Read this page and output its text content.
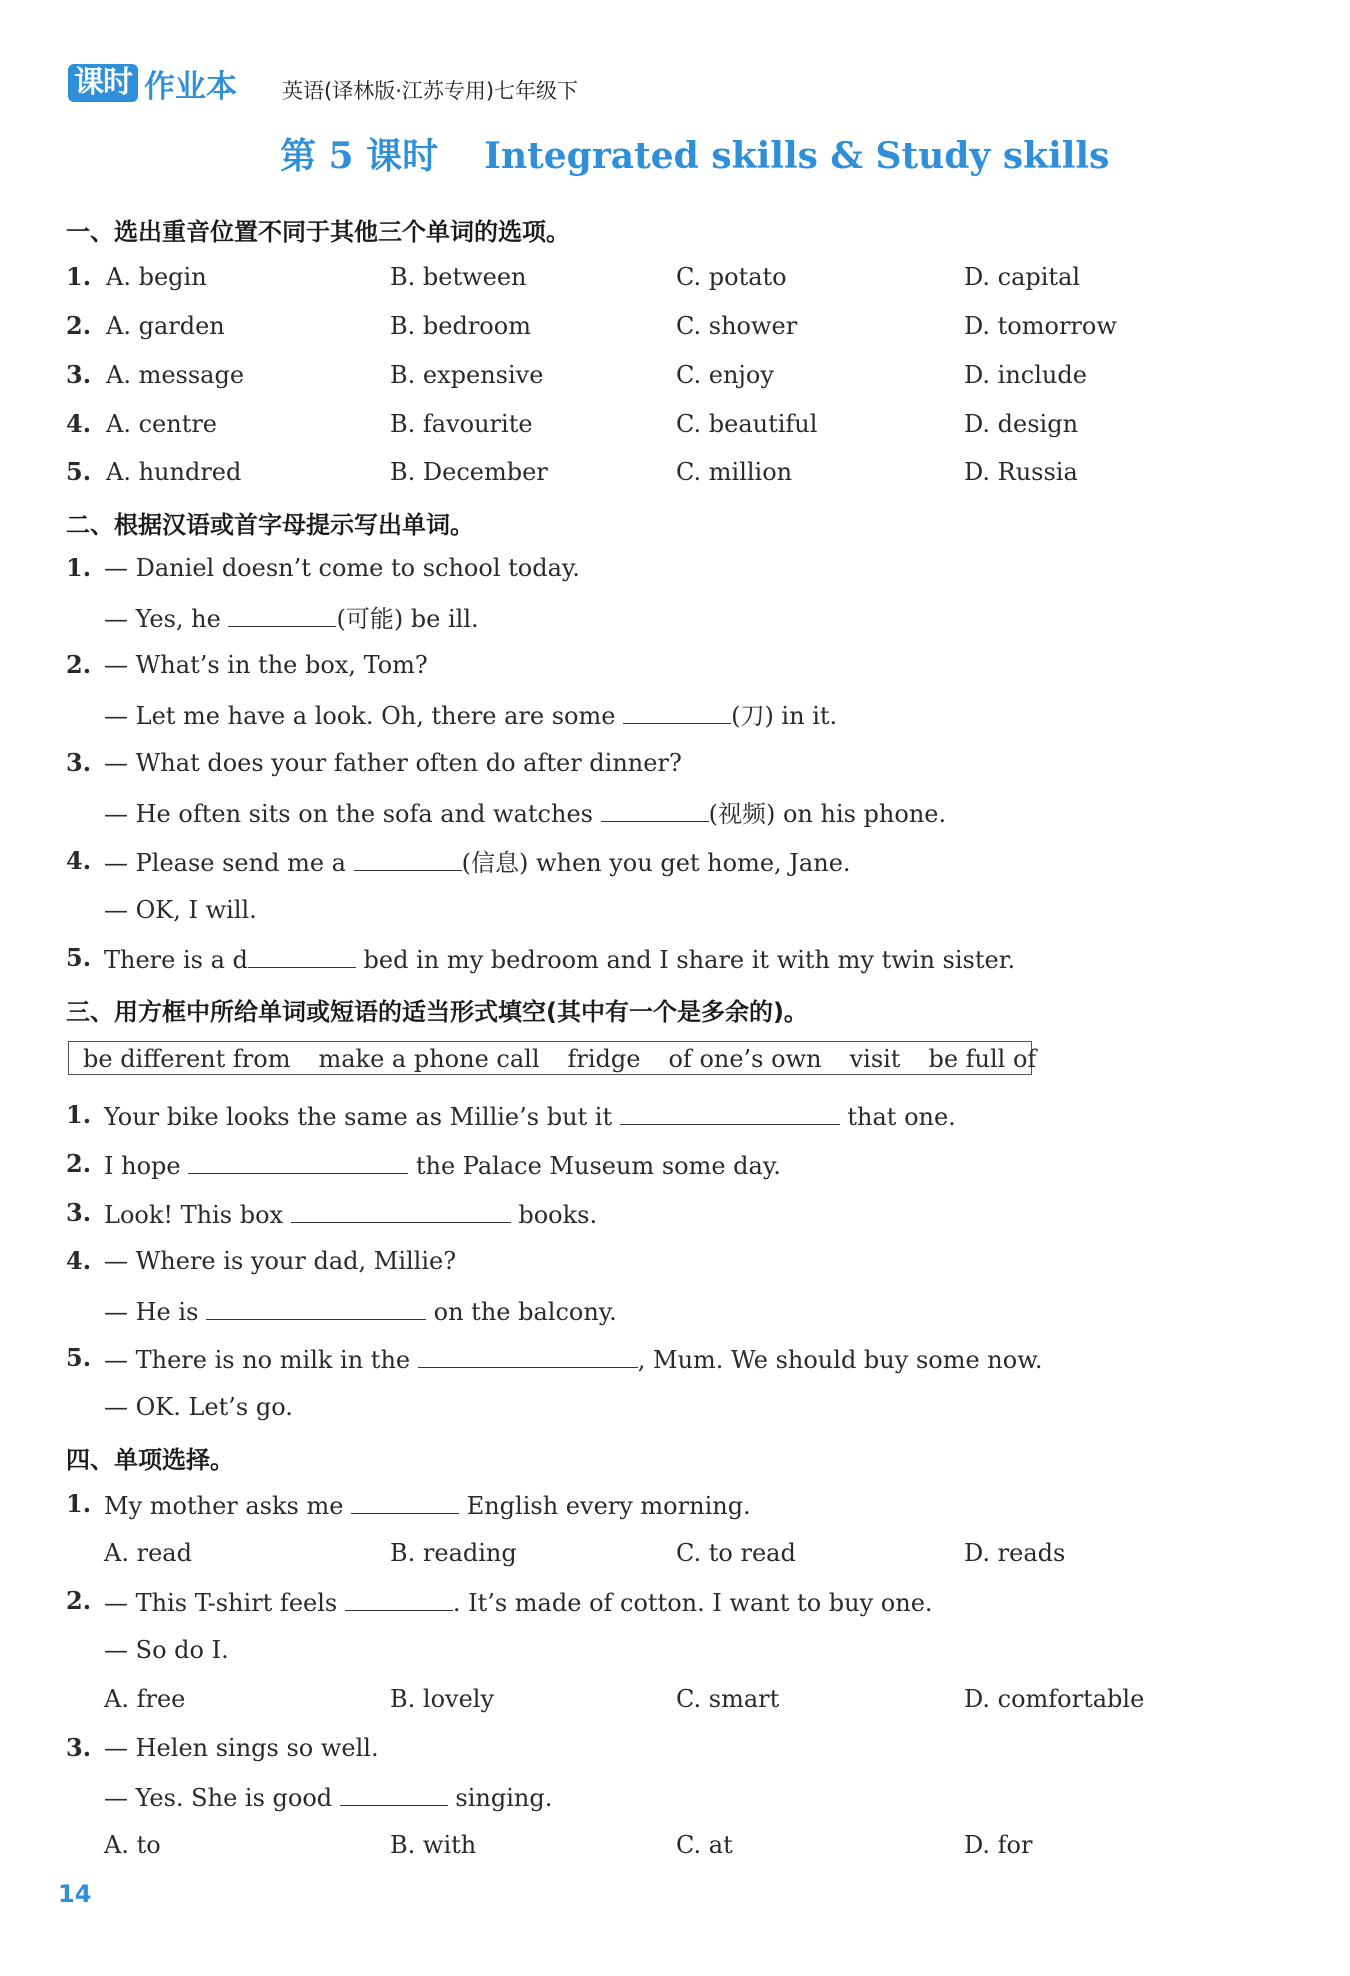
课时 作业本 英语(译林版·江苏专用)七年级下
第 5 课时 Integrated skills & Study skills
一、选出重音位置不同于其他三个单词的选项。
1. A. begin	B. between	C. potato	D. capital
2. A. garden	B. bedroom	C. shower	D. tomorrow
3. A. message	B. expensive	C. enjoy	D. include
4. A. centre	B. favourite	C. beautiful	D. design
5. A. hundred	B. December	C. million	D. Russia
二、根据汉语或首字母提示写出单词。
1. — Daniel doesn’t come to school today.
— Yes, he	(可能) be ill.
2. — What’s in the box, Tom?
— Let me have a look. Oh, there are some	(刀) in it.
3. — What does your father often do after dinner?
— He often sits on the sofa and watches	(视频) on his phone.
4. — Please send me a	(信息) when you get home, Jane.
— OK, I will.
5. There is a d	bed in my bedroom and I share it with my twin sister.
三、用方框中所给单词或短语的适当形式填空(其中有一个是多余的)。
be different from make a phone call fridge of one’s own visit be full of
1. Your bike looks the same as Millie’s but it	that one.
2. I hope	the Palace Museum some day.
3. Look! This box	books.
4. — Where is your dad, Millie?
— He is	on the balcony.
5. — There is no milk in the	, Mum. We should buy some now.
— OK. Let’s go.
四、单项选择。
1. My mother asks me	English every morning.
A. read	B. reading	C. to read	D. reads
2. — This T-shirt feels	. It’s made of cotton. I want to buy one.
— So do I.
A. free	B. lovely	C. smart	D. comfortable
3. — Helen sings so well.
— Yes. She is good	singing.
A. to	B. with	C. at	D. for
14
